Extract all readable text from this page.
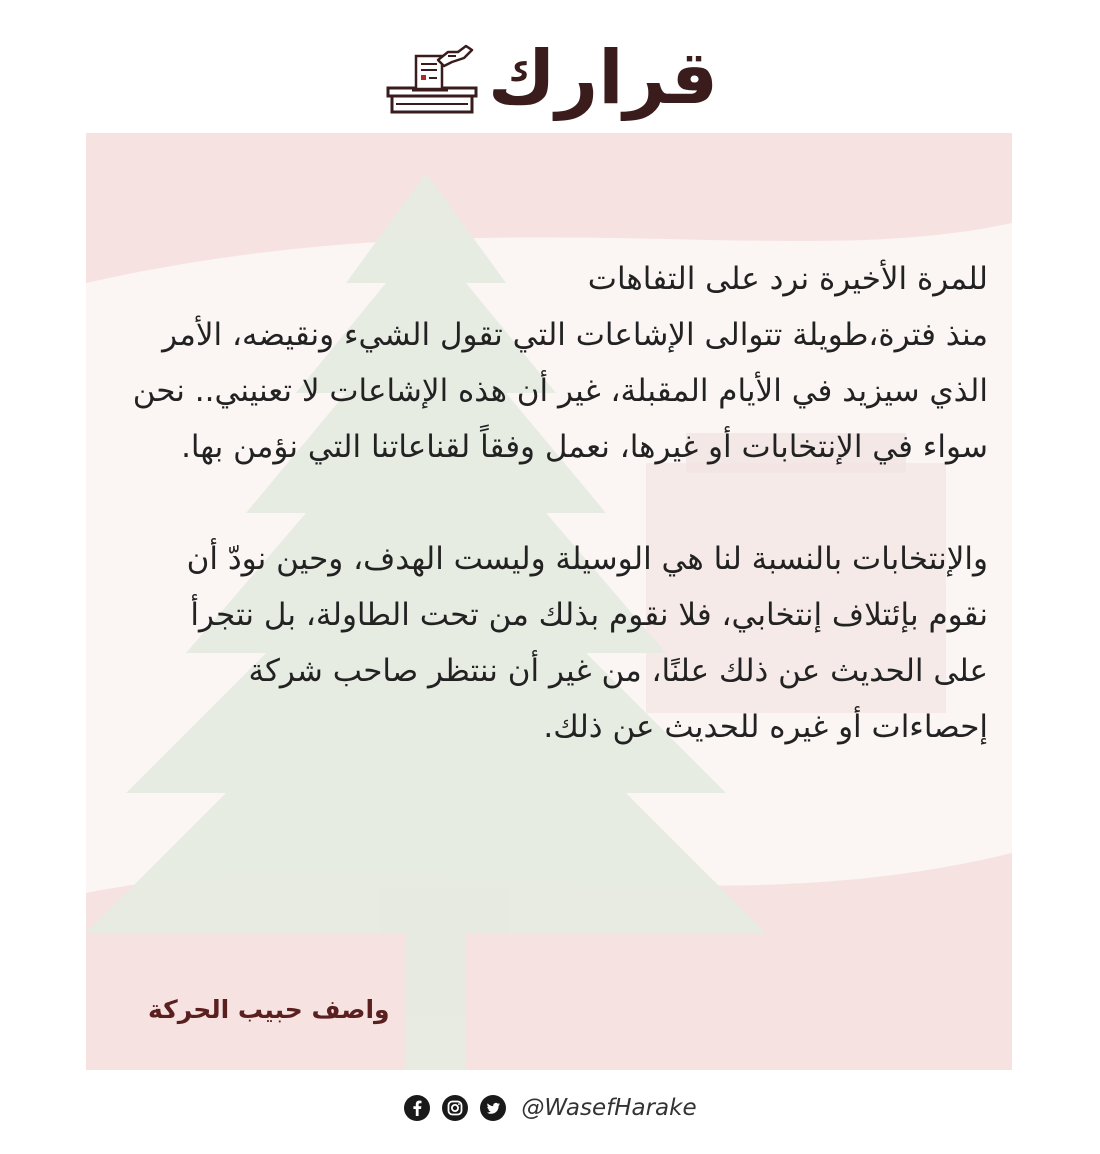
قرارك

للمرة الأخيرة نرد على التفاهات
منذ فترة،طويلة تتوالى الإشاعات التي تقول الشيء ونقيضه، الأمر الذي سيزيد في الأيام المقبلة، غير أن هذه الإشاعات لا تعنيني.. نحن سواء في الإنتخابات أو غيرها، نعمل وفقاً لقناعاتنا التي نؤمن بها.

والإنتخابات بالنسبة لنا هي الوسيلة وليست الهدف، وحين نودّ أن نقوم بإئتلاف إنتخابي، فلا نقوم بذلك من تحت الطاولة، بل نتجرأ على الحديث عن ذلك علنًا، من غير أن ننتظر صاحب شركة إحصاءات أو غيره للحديث عن ذلك.

واصف حبيب الحركة
@WasefHarake
